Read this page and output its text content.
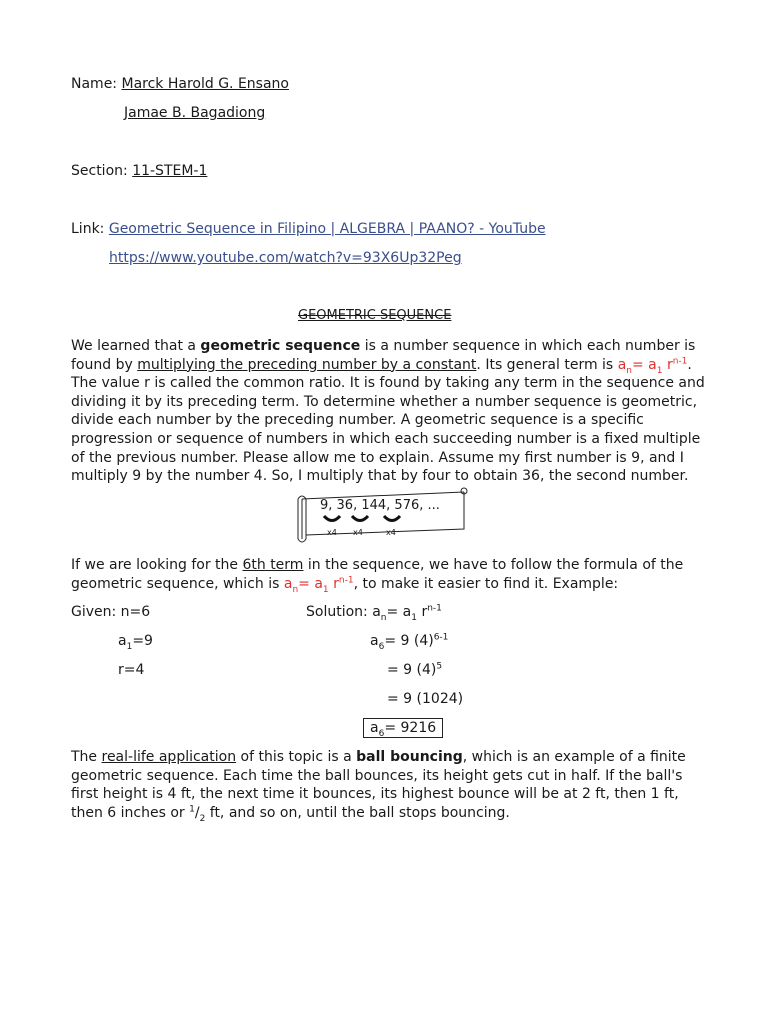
Name: Marck Harold G. Ensano
Jamae B. Bagadiong
Section: 11-STEM-1
Link: Geometric Sequence in Filipino | ALGEBRA | PAANO? - YouTube
https://www.youtube.com/watch?v=93X6Up32Peg
GEOMETRIC SEQUENCE
We learned that a geometric sequence is a number sequence in which each number is found by multiplying the preceding number by a constant. Its general term is $a_n= a_1$ $r^{n-1}$. The value r is called the common ratio. It is found by taking any term in the sequence and dividing it by its preceding term. To determine whether a number sequence is geometric, divide each number by the preceding number. A geometric sequence is a specific progression or sequence of numbers in which each succeeding number is a fixed multiple of the previous number. Please allow me to explain. Assume my first number is 9, and I multiply 9 by the number 4. So, I multiply that by four to obtain 36, the second number.
9, 36, 144, 576, ...
x4 x4	x4
If we are looking for the 6th term in the sequence, we have to follow the formula of the geometric sequence, which is $a_n= a_1$ $r^{n-1}$, to make it easier to find it. Example:
Given: n=6
$a_1=9$
r=4
Solution: $a_n= a_1$ $r^{n-1}$
$a_6= 9$ $(4)^{6-1}$
= 9 $(4)^5$
= 9 (1024)
$a_6= 9216$
The real-life application of this topic is a ball bouncing, which is an example of a finite geometric sequence. Each time the ball bounces, its height gets cut in half. If the ball's first height is 4 ft, the next time it bounces, its highest bounce will be at 2 ft, then 1 ft, then 6 inches or $^1/_2$ ft, and so on, until the ball stops bouncing.
